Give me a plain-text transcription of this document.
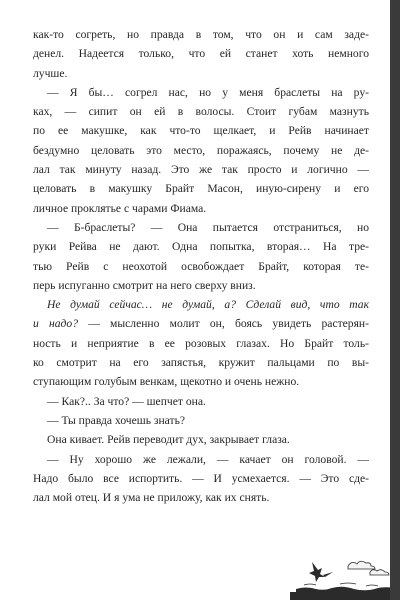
как-то согреть, но правда в том, что он и сам заде-
денел. Надеется только, что ей станет хоть немного
лучше.
— Я бы… согрел нас, но у меня браслеты на ру-
ках, — сипит он ей в волосы. Стоит губам мазнуть
по ее макушке, как что-то щелкает, и Рейв начинает
бездумно целовать это место, поражаясь, почему не де-
лал так минуту назад. Это же так просто и логично —
целовать в макушку Брайт Масон, иную-сирену и его
личное проклятье с чарами Фиама.
— Б-браслеты? — Она пытается отстраниться, но
руки Рейва не дают. Одна попытка, вторая… На тре-
тью Рейв с неохотой освобождает Брайт, которая те-
перь испуганно смотрит на него сверху вниз.
Не думай сейчас… не думай, а? Сделай вид, что так
и надо? — мысленно молит он, боясь увидеть растерян-
ность и неприятие в ее розовых глазах. Но Брайт толь-
ко смотрит на его запястья, кружит пальцами по вы-
ступающим голубым венкам, щекотно и очень нежно.
— Как?.. За что? — шепчет она.
— Ты правда хочешь знать?
Она кивает. Рейв переводит дух, закрывает глаза.
— Ну хорошо же лежали, — качает он головой. —
Надо было все испортить. — И усмехается. — Это сде-
лал мой отец. И я ума не приложу, как их снять.
